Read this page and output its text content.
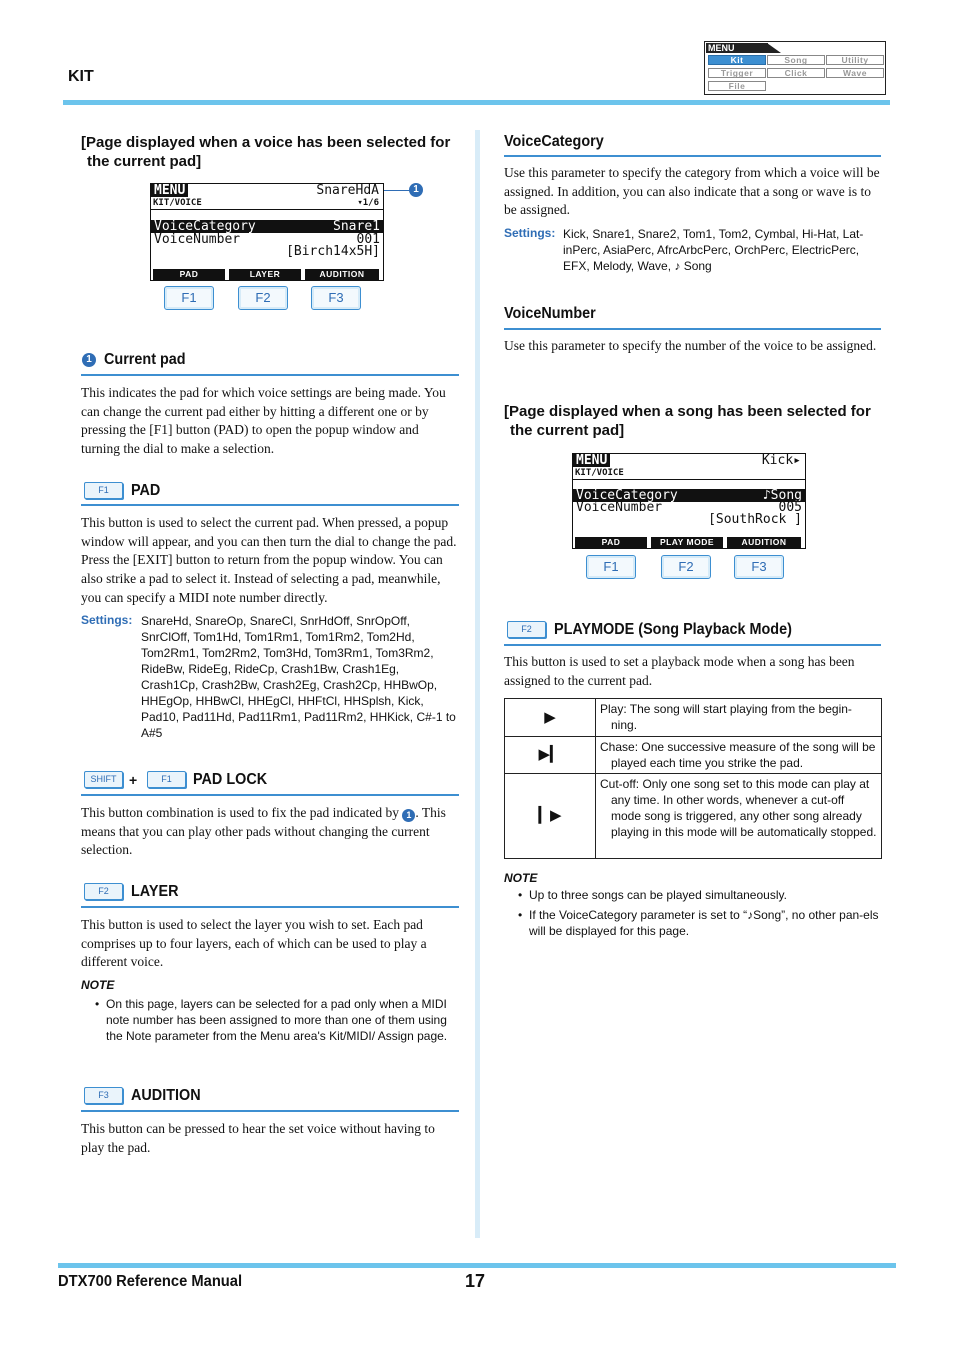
KIT
MENU
Kit	Song	Utility
Trigger	Click	Wave
File
[Page displayed when a voice has been selected for the current pad]
MENU	SnareHdA
KIT/VOICE	▾1/6
VoiceCategory	Snare1
VoiceNumber	001
[Birch14x5H]
PAD	LAYER	AUDITION
1
F1	F2	F3
1 Current pad
This indicates the pad for which voice settings are being made. You can change the current pad either by hitting a different one or by pressing the [F1] button (PAD) to open the popup window and turning the dial to make a selection.
F1	PAD
This button is used to select the current pad. When pressed, a popup window will appear, and you can then turn the dial to change the pad. Press the [EXIT] button to return from the popup window. You can also strike a pad to select it. Instead of selecting a pad, meanwhile, you can specify a MIDI note number directly.
Settings: SnareHd, SnareOp, SnareCl, SnrHdOff, SnrOpOff, SnrClOff, Tom1Hd, Tom1Rm1, Tom1Rm2, Tom2Hd, Tom2Rm1, Tom2Rm2, Tom3Hd, Tom3Rm1, Tom3Rm2, RideBw, RideEg, RideCp, Crash1Bw, Crash1Eg, Crash1Cp, Crash2Bw, Crash2Eg, Crash2Cp, HHBwOp, HHEgOp, HHBwCl, HHEgCl, HHFtCl, HHSplsh, Kick, Pad10, Pad11Hd, Pad11Rm1, Pad11Rm2, HHKick, C#-1 to A#5
SHIFT +	F1	PAD LOCK
This button combination is used to fix the pad indicated by 1 . This means that you can play other pads without changing the current selection.
F2	LAYER
This button is used to select the layer you wish to set. Each pad comprises up to four layers, each of which can be used to play a different voice.
NOTE
• On this page, layers can be selected for a pad only when a MIDI note number has been assigned to more than one of them using the Note parameter from the Menu area's Kit/MIDI/ Assign page.
F3	AUDITION
This button can be pressed to hear the set voice without having to play the pad.
VoiceCategory
Use this parameter to specify the category from which a voice will be assigned. In addition, you can also indicate that a song or wave is to be assigned.
Settings: Kick, Snare1, Snare2, Tom1, Tom2, Cymbal, Hi-Hat, Lat-inPerc, AsiaPerc, AfrcArbcPerc, OrchPerc, ElectricPerc, EFX, Melody, Wave, ♪ Song
VoiceNumber
Use this parameter to specify the number of the voice to be assigned.
[Page displayed when a song has been selected for the current pad]
MENU	Kick▸
KIT/VOICE
VoiceCategory	♪Song
VoiceNumber	005
[SouthRock ]
PAD	PLAY MODE	AUDITION
F1	F2	F3
F2	PLAYMODE (Song Playback Mode)
This button is used to set a playback mode when a song has been assigned to the current pad.
▶	Play: The song will start playing from the begin-ning.
▶▎	Chase: One successive measure of the song will be played each time you strike the pad.
▎▶	Cut-off: Only one song set to this mode can play at any time. In other words, whenever a cut-off mode song is triggered, any other song already playing in this mode will be automatically stopped.
NOTE
• Up to three songs can be played simultaneously.
• If the VoiceCategory parameter is set to “♪Song”, no other pan-els will be displayed for this page.
DTX700 Reference Manual	17
